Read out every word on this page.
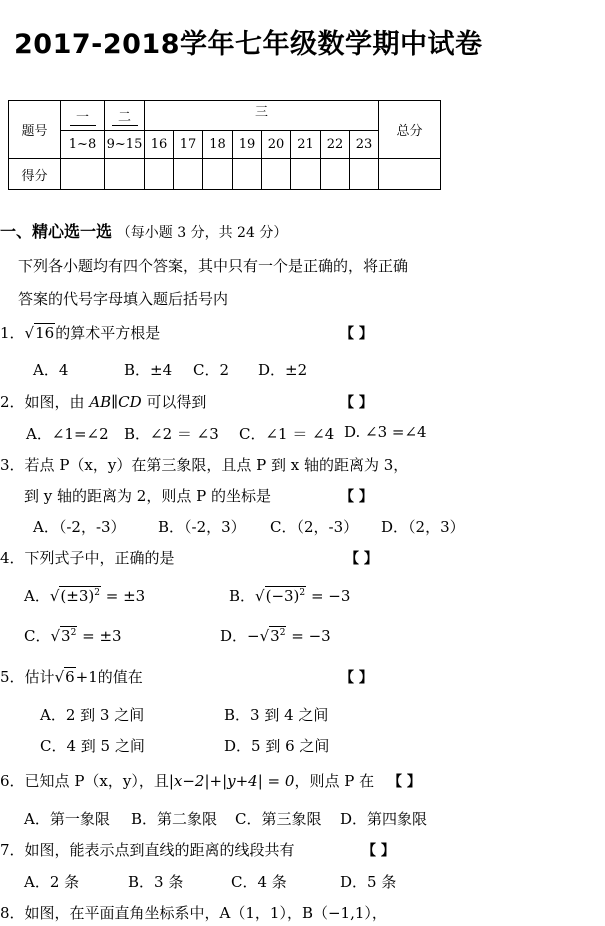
2017-2018学年七年级数学期中试卷
题号	一	二	三								总分
	1~8	9~15	16	17	18	19	20	21	22	23	
得分											
一、精心选一选 （每小题 3 分，共 24 分）
下列各小题均有四个答案，其中只有一个是正确的，将正确
答案的代号字母填入题后括号内
1．√16的算术平方根是	【 】
A．4	B．±4 C．2 D．±2
2．如图，由 AB∥CD 可以得到	【 】
A．∠1=∠2 B．∠2 ＝ ∠3 C．∠1 ＝ ∠4 D. ∠3 =∠4
3．若点 P（x，y）在第三象限，且点 P 到 x 轴的距离为 3，
到 y 轴的距离为 2，则点 P 的坐标是	【 】
A．（-2，-3） B．（-2，3） C．（2，-3） D．（2，3）
4．下列式子中，正确的是	【 】
A．$√(\pm 3)^2 = \pm 3$	B．$√(-3)^2 = -3$
C．$√3^2 = \pm 3$	D．$-√3^2 = -3$
5．估计√6+1的值在	【 】
A．2 到 3 之间	B．3 到 4 之间
C．4 到 5 之间	D．5 到 6 之间
6．已知点 P（x，y），且|x−2|+|y+4| = 0，则点 P 在 【 】
A．第一象限 B．第二象限 C．第三象限 D．第四象限
7．如图，能表示点到直线的距离的线段共有	【 】
A．2 条	B．3 条	C．4 条	D．5 条
8．如图，在平面直角坐标系中，A（1，1），B（−1,1），
